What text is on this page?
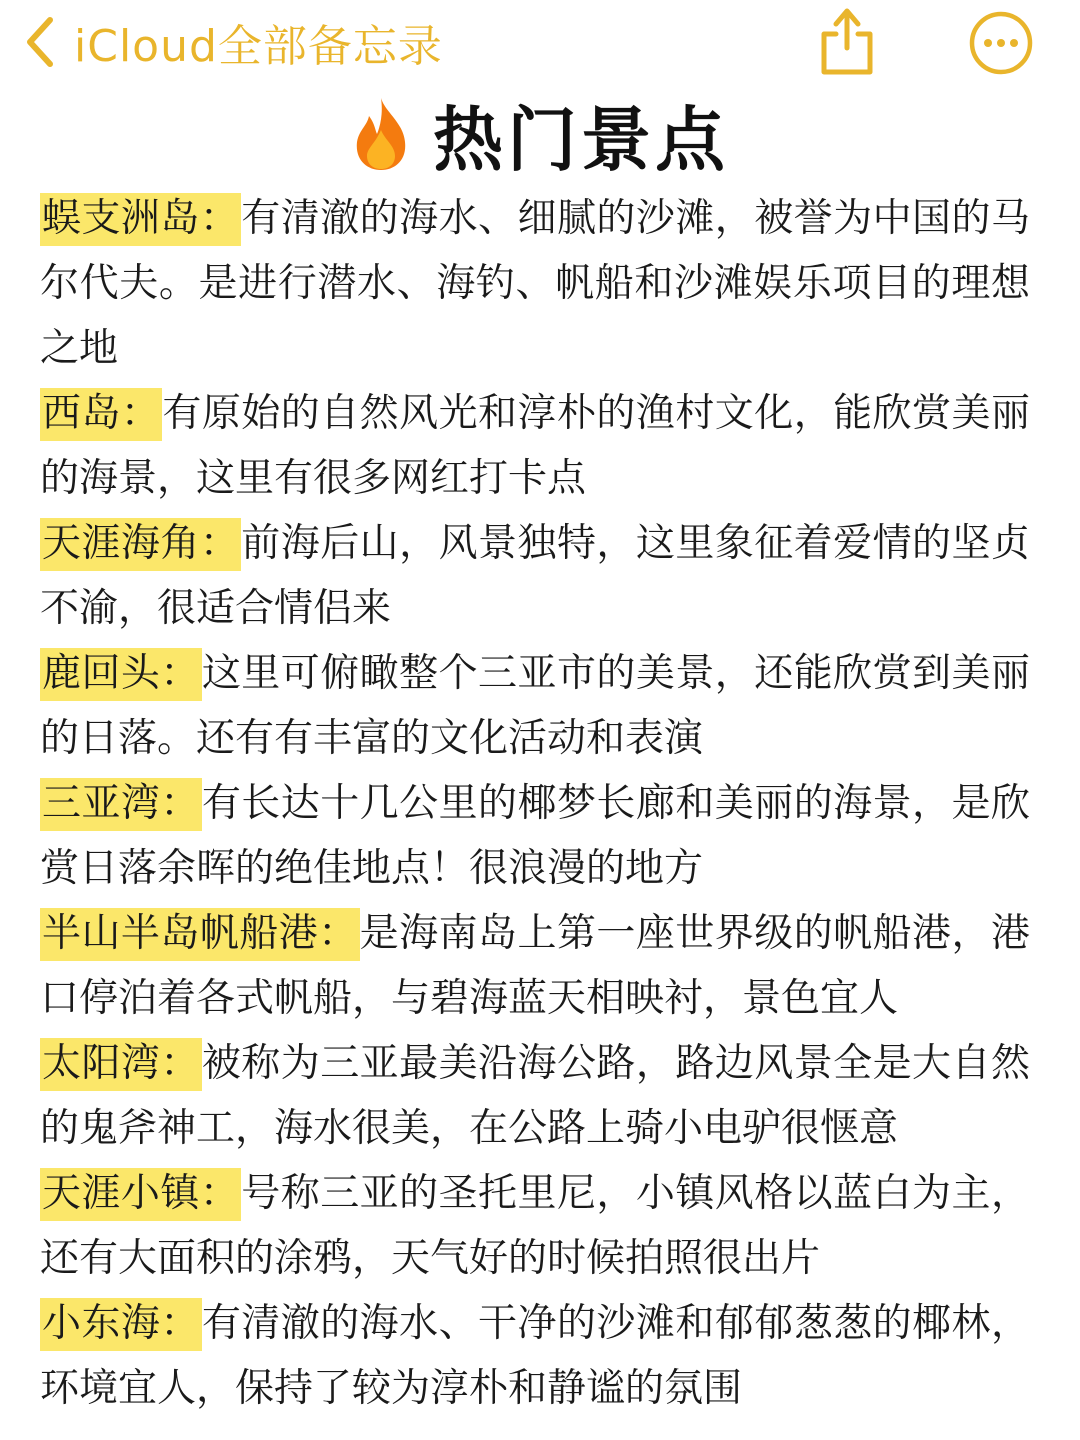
iCloud全部备忘录
热门景点

蜈支洲岛：有清澈的海水、细腻的沙滩，被誉为中国的马尔代夫。是进行潜水、海钓、帆船和沙滩娱乐项目的理想之地

西岛：有原始的自然风光和淳朴的渔村文化，能欣赏美丽的海景，这里有很多网红打卡点

天涯海角：前海后山，风景独特，这里象征着爱情的坚贞不渝，很适合情侣来

鹿回头：这里可俯瞰整个三亚市的美景，还能欣赏到美丽的日落。还有有丰富的文化活动和表演

三亚湾：有长达十几公里的椰梦长廊和美丽的海景，是欣赏日落余晖的绝佳地点！很浪漫的地方

半山半岛帆船港：是海南岛上第一座世界级的帆船港，港口停泊着各式帆船，与碧海蓝天相映衬，景色宜人

太阳湾：被称为三亚最美沿海公路，路边风景全是大自然的鬼斧神工，海水很美，在公路上骑小电驴很惬意

天涯小镇：号称三亚的圣托里尼，小镇风格以蓝白为主，还有大面积的涂鸦，天气好的时候拍照很出片

小东海：有清澈的海水、干净的沙滩和郁郁葱葱的椰林，环境宜人，保持了较为淳朴和静谧的氛围
